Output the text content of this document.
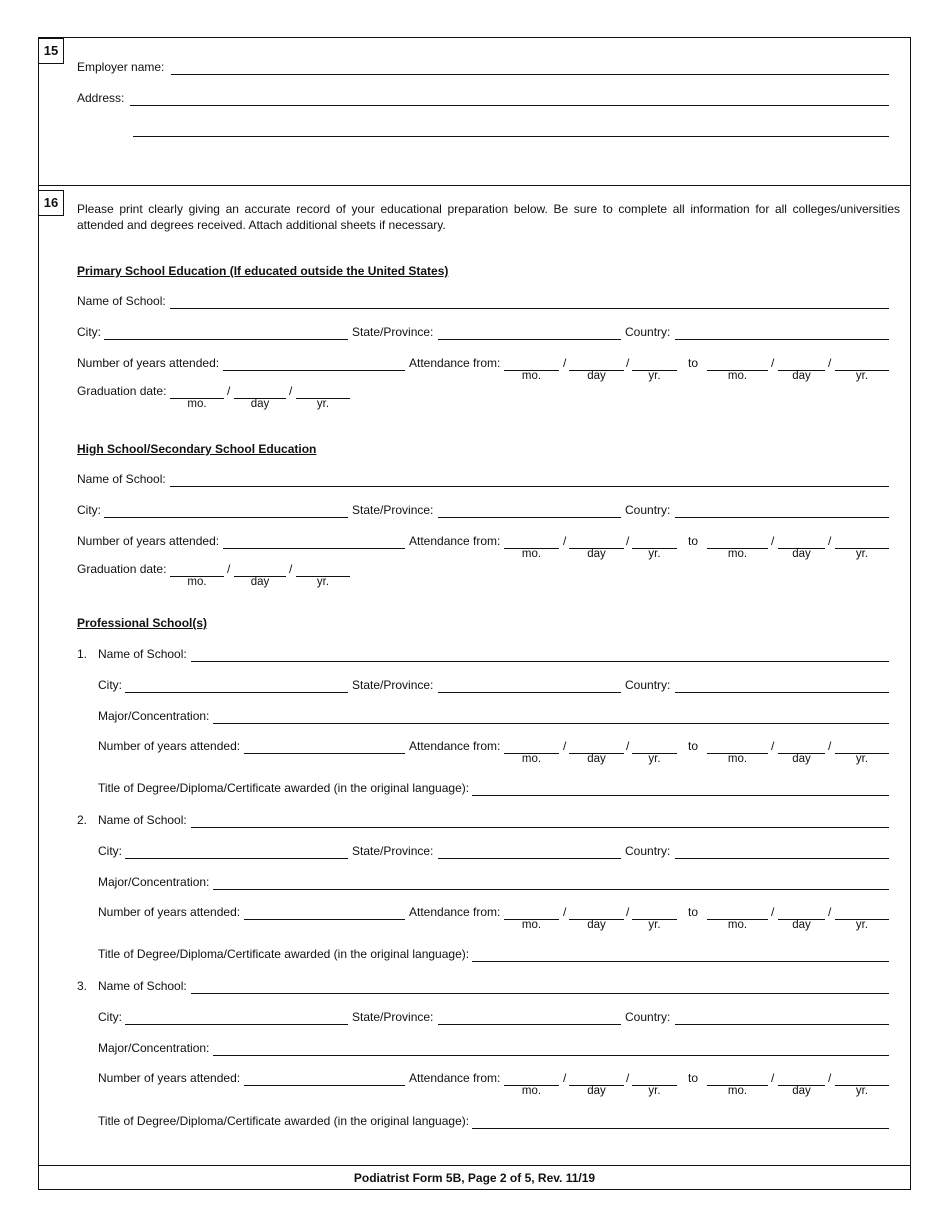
15
Employer name:
Address:
16	Please print clearly giving an accurate record of your educational preparation below. Be sure to complete all information for all colleges/universities attended and degrees received. Attach additional sheets if necessary.
Primary School Education (If educated outside the United States)
Name of School:
City:	State/Province:	Country:
Number of years attended:	Attendance from:	/	/	to	/	/
mo.	day	yr.	mo.	day	yr.
Graduation date:	/	/
mo.	day	yr.
High School/Secondary School Education
Name of School:
City:	State/Province:	Country:
Number of years attended:	Attendance from:	/	/	to	/	/
mo.	day	yr.	mo.	day	yr.
Graduation date:	/	/
mo.	day	yr.
Professional School(s)
1. Name of School:
City:	State/Province:	Country:
Major/Concentration:
Number of years attended:	Attendance from:	/	/	to	/	/
mo.	day	yr.	mo.	day	yr.
Title of Degree/Diploma/Certificate awarded (in the original language):
2. Name of School:
City:	State/Province:	Country:
Major/Concentration:
Number of years attended:	Attendance from:	/	/	to	/	/
mo.	day	yr.	mo.	day	yr.
Title of Degree/Diploma/Certificate awarded (in the original language):
3. Name of School:
City:	State/Province:	Country:
Major/Concentration:
Number of years attended:	Attendance from:	/	/	to	/	/
mo.	day	yr.	mo.	day	yr.
Title of Degree/Diploma/Certificate awarded (in the original language):
Podiatrist Form 5B, Page 2 of 5, Rev. 11/19
